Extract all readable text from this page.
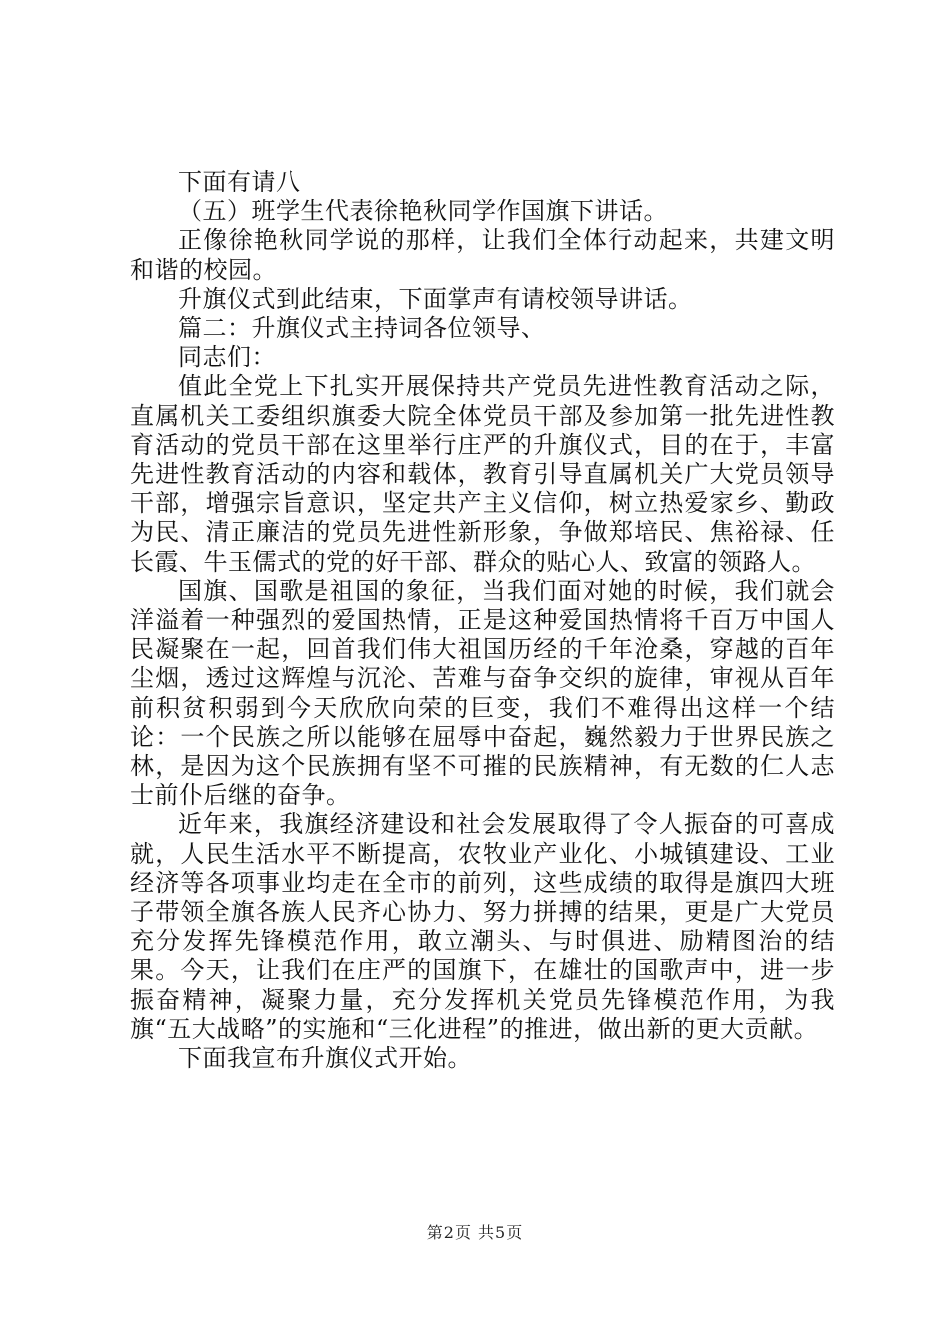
下面有请八

（五）班学生代表徐艳秋同学作国旗下讲话。

正像徐艳秋同学说的那样，让我们全体行动起来，共建文明和谐的校园。

升旗仪式到此结束，下面掌声有请校领导讲话。

篇二：升旗仪式主持词各位领导、

同志们：

值此全党上下扎实开展保持共产党员先进性教育活动之际，直属机关工委组织旗委大院全体党员干部及参加第一批先进性教育活动的党员干部在这里举行庄严的升旗仪式，目的在于，丰富先进性教育活动的内容和载体，教育引导直属机关广大党员领导干部，增强宗旨意识，坚定共产主义信仰，树立热爱家乡、勤政为民、清正廉洁的党员先进性新形象，争做郑培民、焦裕禄、任长霞、牛玉儒式的党的好干部、群众的贴心人、致富的领路人。

国旗、国歌是祖国的象征，当我们面对她的时候，我们就会洋溢着一种强烈的爱国热情，正是这种爱国热情将千百万中国人民凝聚在一起，回首我们伟大祖国历经的千年沧桑，穿越的百年尘烟，透过这辉煌与沉沦、苦难与奋争交织的旋律，审视从百年前积贫积弱到今天欣欣向荣的巨变，我们不难得出这样一个结论：一个民族之所以能够在屈辱中奋起，巍然毅力于世界民族之林，是因为这个民族拥有坚不可摧的民族精神，有无数的仁人志士前仆后继的奋争。

近年来，我旗经济建设和社会发展取得了令人振奋的可喜成就，人民生活水平不断提高，农牧业产业化、小城镇建设、工业经济等各项事业均走在全市的前列，这些成绩的取得是旗四大班子带领全旗各族人民齐心协力、努力拼搏的结果，更是广大党员充分发挥先锋模范作用，敢立潮头、与时俱进、励精图治的结果。今天，让我们在庄严的国旗下，在雄壮的国歌声中，进一步振奋精神，凝聚力量，充分发挥机关党员先锋模范作用，为我旗“五大战略”的实施和“三化进程”的推进，做出新的更大贡献。

下面我宣布升旗仪式开始。

第2页 共5页
